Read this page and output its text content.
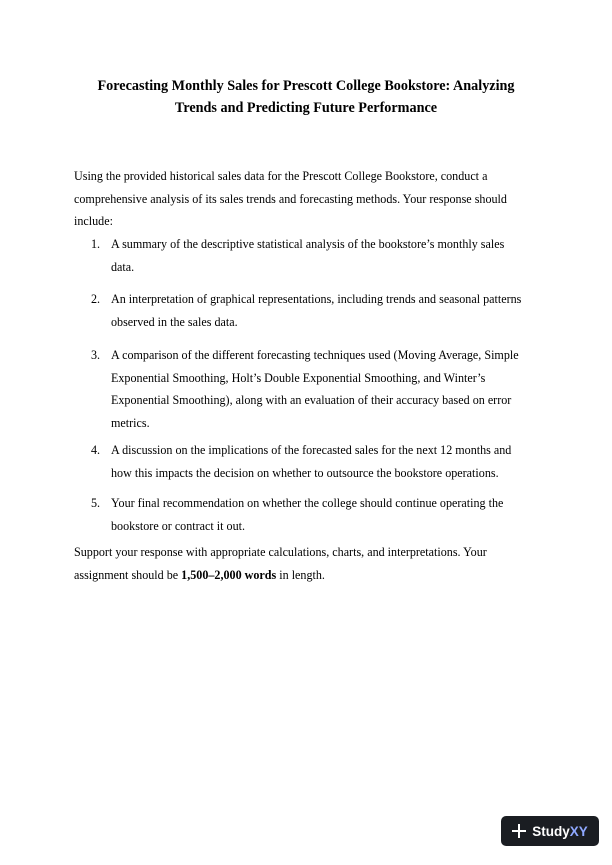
Forecasting Monthly Sales for Prescott College Bookstore: Analyzing
Trends and Predicting Future Performance

Using the provided historical sales data for the Prescott College Bookstore, conduct a
comprehensive analysis of its sales trends and forecasting methods. Your response should
include:

1. A summary of the descriptive statistical analysis of the bookstore’s monthly sales
data.
2. An interpretation of graphical representations, including trends and seasonal patterns
observed in the sales data.
3. A comparison of the different forecasting techniques used (Moving Average, Simple
Exponential Smoothing, Holt’s Double Exponential Smoothing, and Winter’s
Exponential Smoothing), along with an evaluation of their accuracy based on error
metrics.
4. A discussion on the implications of the forecasted sales for the next 12 months and
how this impacts the decision on whether to outsource the bookstore operations.
5. Your final recommendation on whether the college should continue operating the
bookstore or contract it out.

Support your response with appropriate calculations, charts, and interpretations. Your
assignment should be 1,500–2,000 words in length.

StudyXY
